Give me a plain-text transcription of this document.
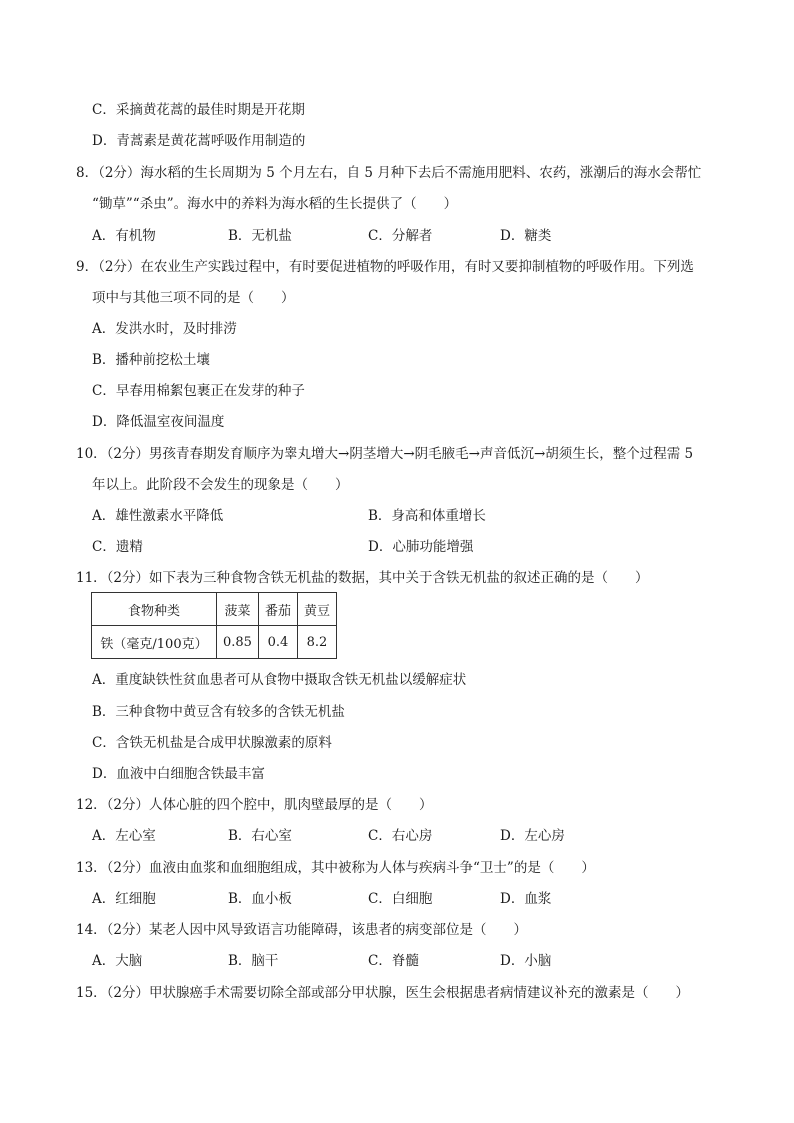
C．采摘黄花蒿的最佳时期是开花期
D．青蒿素是黄花蒿呼吸作用制造的
8．（2分）海水稻的生长周期为 5 个月左右，自 5 月种下去后不需施用肥料、农药，涨潮后的海水会帮忙
“锄草”“杀虫”。海水中的养料为海水稻的生长提供了（　　）
A．有机物	B．无机盐	C．分解者	D．糖类
9．（2分）在农业生产实践过程中，有时要促进植物的呼吸作用，有时又要抑制植物的呼吸作用。下列选
项中与其他三项不同的是（　　）
A．发洪水时，及时排涝
B．播种前挖松土壤
C．早春用棉絮包裹正在发芽的种子
D．降低温室夜间温度
10．（2分）男孩青春期发育顺序为睾丸增大→阴茎增大→阴毛腋毛→声音低沉→胡须生长，整个过程需 5
年以上。此阶段不会发生的现象是（　　）
A．雄性激素水平降低	B．身高和体重增长
C．遗精	D．心肺功能增强
11．（2分）如下表为三种食物含铁无机盐的数据，其中关于含铁无机盐的叙述正确的是（　　）
食物种类	菠菜	番茄	黄豆
铁（毫克/100克）	0.85	0.4	8.2
A．重度缺铁性贫血患者可从食物中摄取含铁无机盐以缓解症状
B．三种食物中黄豆含有较多的含铁无机盐
C．含铁无机盐是合成甲状腺激素的原料
D．血液中白细胞含铁最丰富
12．（2分）人体心脏的四个腔中，肌肉壁最厚的是（　　）
A．左心室	B．右心室	C．右心房	D．左心房
13．（2分）血液由血浆和血细胞组成，其中被称为人体与疾病斗争“卫士”的是（　　）
A．红细胞	B．血小板	C．白细胞	D．血浆
14．（2分）某老人因中风导致语言功能障碍，该患者的病变部位是（　　）
A．大脑	B．脑干	C．脊髓	D．小脑
15．（2分）甲状腺癌手术需要切除全部或部分甲状腺，医生会根据患者病情建议补充的激素是（　　）
